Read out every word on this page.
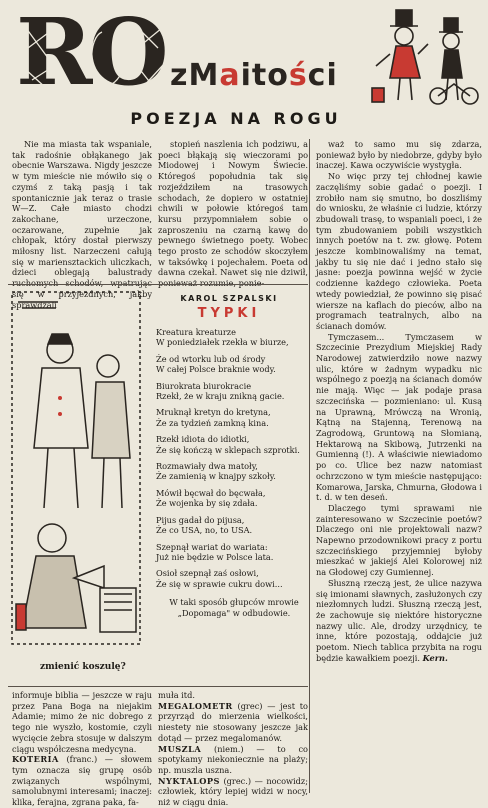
RO zMaitości
POEZJA NA ROGU
Nie ma miasta tak wspaniale, tak radośnie obłąkanego jak obecnie Warszawa. Nigdy jeszcze w tym mieście nie mówiło się o czymś z taką pasją i tak spontanicznie jak teraz o trasie W—Z. Całe miasto chodzi zakochane, urzeczone, oczarowane, zupełnie jak chłopak, który dostał pierwszy miłosny list. Narzeczeni całują się w mariensztackich uliczkach, dzieci oblegają balustrady się w przyjezdnych, jakby sprawdzali
stopień naszlenia ich podziwu, a poeci błąkają się wieczorami po Miodowej i Nowym Świecie. Któregoś popołudnia tak się rozjeździłem na trasowych schodach, że dopiero w ostatniej chwili w połowie któregoś tam kursu przypomniałem sobie o zaproszeniu na czarną kawę do pewnego świetnego poety. Wobec tego prosto ze schodów skoczyłem w taksówkę i pojechałem. Poeta od dawna czekał. Nawet się nie dziwił,
waż to samo mu się zdarza, ponieważ było by niedobrze, gdyby było inaczej. Kawa oczywiście wystygła.
No więc przy tej chłodnej kawie zaczęliśmy sobie gadać o poezji. I zrobiło nam się smutno, bo doszliśmy do wniosku, że właśnie ci ludzie, którzy zbudowali trasę, to wspaniali poeci, i że tym zbudowaniem pobili wszystkich innych poetów na t. zw. głowę. Potem jeszcze kombinowaliśmy na temat, jakby tu się nie dać i jedno stało się jasne: poezja powinna wejść w życie codzienne każdego człowieka. Poeta wtedy powiedział, że powinno się pisać wiersze na kaflach do pieców, albo na programach teatralnych, albo na ścianach domów.
Tymczasem... Tymczasem w Szczecinie Prezydium Miejskiej Rady Narodowej zatwierdziło nowe nazwy ulic, które w żadnym wypadku nic wspólnego z poezją na ścianach domów nie mają. Więc — jak podaje prasa szczecińska — pozmieniano: ul. Kusą na Uprawną, Mrówczą na Wronią, Kątną na Stajenną, Terenową na Zagrodową, Gruntową na Słomianą, Hektarową na Skibową, Jutrzenki na Gumienną (!). A właściwie niewiadomo po co. Ulice bez nazw natomiast ochrzczono w tym mieście następująco: Komarowa, Jarska, Chmurna, Głodowa i t. d. w ten deseń.
Dlaczego tymi sprawami nie zainteresowano w Szczecinie poetów? Dlaczego oni nie projektowali nazw? Napewno przodownikowi pracy z portu szczecińskiego przyjemniej byłoby mieszkać w jakiejś Alei Kolorowej niż na Głodowej czy Gumiennej.
Słuszną rzeczą jest, że ulice nazywa się imionami sławnych, zasłużonych czy niezłomnych ludzi. Słuszną rzeczą jest, że zachowuje się niektóre historyczne nazwy ulic. Ale, drodzy urzędnicy, te inne, które pozostają, oddajcie już poetom. Niech tablica przybita na rogu będzie kawałkiem poezji. Kern.
zmienić koszulę?
KAROL SZPALSKI
TYPKI
Kreatura kreaturze
W poniedziałek rzekła w biurze,
Że od wtorku lub od środy
W całej Polsce braknie wody.
Biurokrata biurokracie
Rzekł, że w kraju znikną gacie.
Mruknął kretyn do kretyna,
Że za tydzień zamkną kina.
Rzekł idiota do idiotki,
Że się kończą w sklepach szprotki.
Rozmawiały dwa matoły,
Że zamienią w knajpy szkoły.
Mówił bęcwał do bęcwała,
Że wojenka by się zdała.
Pijus gadał do pijusa,
Że co USA, no, to USA.
Szepnął wariat do wariata:
Już nie będzie w Polsce lata.
Osioł szepnął zaś osłowi,
Że się w sprawie cukru dowi...
W taki sposób głupców mrowie
„Dopomaga" w odbudowie.
informuje biblia — jeszcze w raju przez Pana Boga na niejakim Adamie; mimo że nic dobrego z tego nie wyszło, kostomie, czyli wycięcie żebra stosuje w dalszym ciągu współczesna medycyna.
KOTERIA (franc.) — słowem tym oznacza się grupę osób związanych wspólnymi, samolubnymi interesami; inaczej: klika, ferajna, zgrana paka, fa-
muła itd.
MEGALOMETR (grec) — jest to przyrząd do mierzenia wielkości, niestety nie stosowany jeszcze jak dotąd — przez megalomanów.
MUSZLA (niem.) — to co spotykamy niekoniecznie na plaży; np. muszla uszna.
NYKTALOPS (grec.) — nocowidz; człowiek, który lepiej widzi w nocy, niż w ciągu dnia.
